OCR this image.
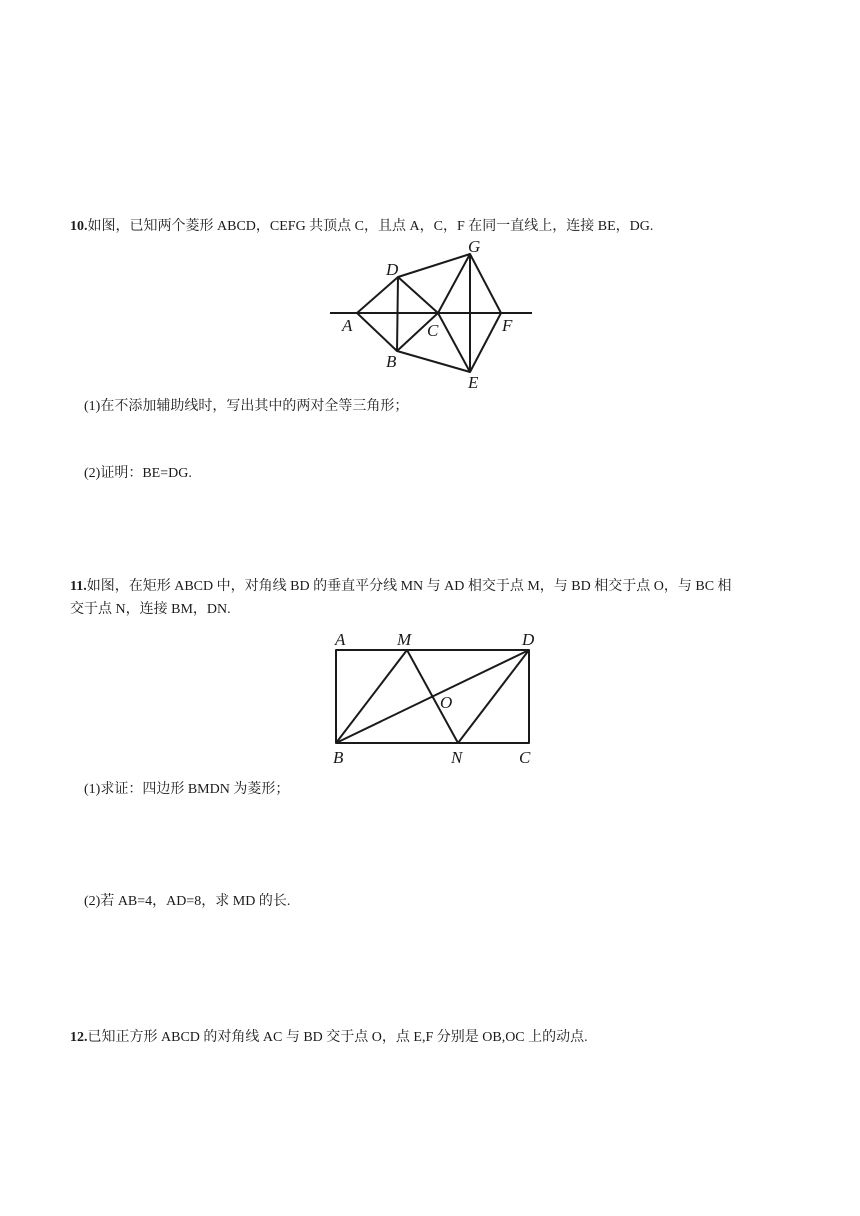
10.如图，已知两个菱形 ABCD，CEFG 共顶点 C，且点 A，C，F 在同一直线上，连接 BE，DG.
D
G
A	C	F
B
E
(1)在不添加辅助线时，写出其中的两对全等三角形；
(2)证明：BE=DG.
11.如图，在矩形 ABCD 中，对角线 BD 的垂直平分线 MN 与 AD 相交于点 M，与 BD 相交于点 O，与 BC 相
交于点 N，连接 BM，DN.
A	M	D
O
B	N	C
(1)求证：四边形 BMDN 为菱形；
(2)若 AB=4，AD=8，求 MD 的长.
12.已知正方形 ABCD 的对角线 AC 与 BD 交于点 O，点 E,F 分别是 OB,OC 上的动点.
